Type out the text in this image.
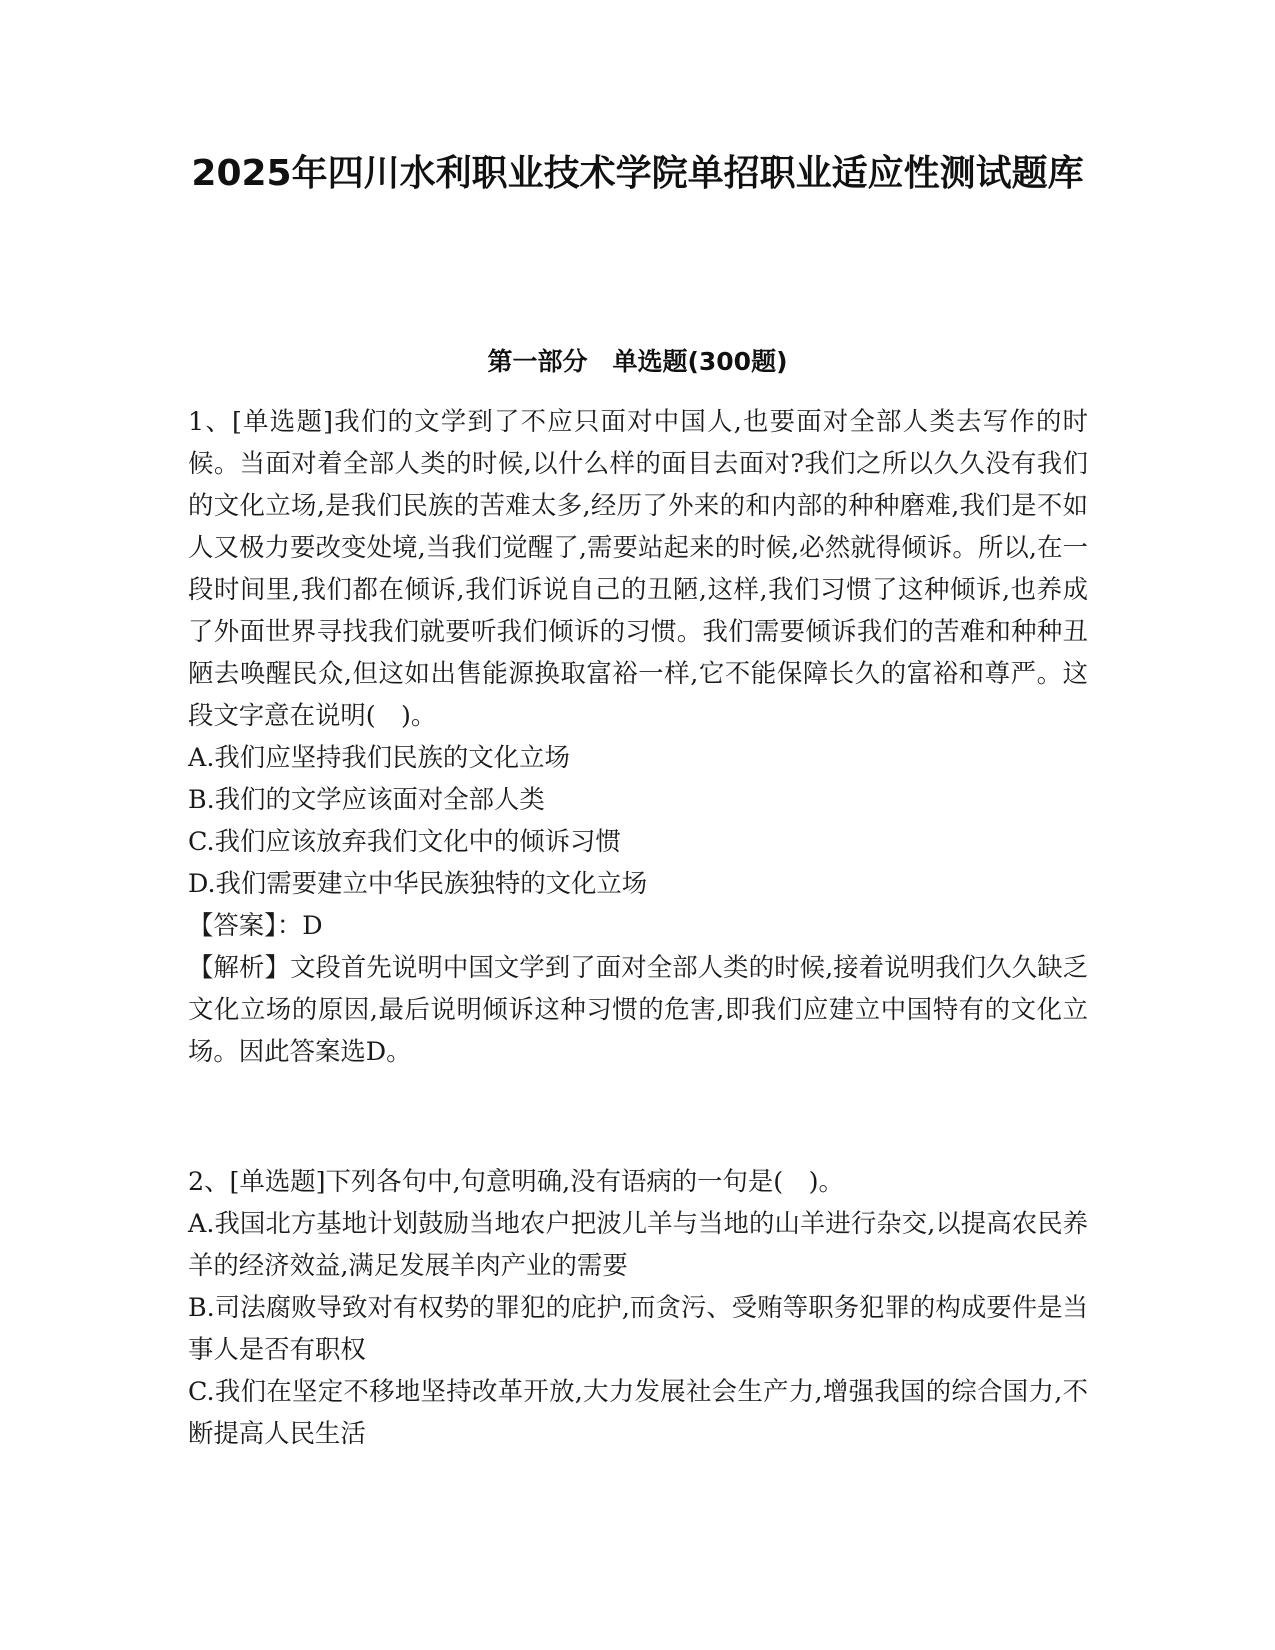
2025年四川水利职业技术学院单招职业适应性测试题库
第一部分　单选题(300题)

1、[单选题]我们的文学到了不应只面对中国人,也要面对全部人类去写作的时候。当面对着全部人类的时候,以什么样的面目去面对?我们之所以久久没有我们的文化立场,是我们民族的苦难太多,经历了外来的和内部的种种磨难,我们是不如人又极力要改变处境,当我们觉醒了,需要站起来的时候,必然就得倾诉。所以,在一段时间里,我们都在倾诉,我们诉说自己的丑陋,这样,我们习惯了这种倾诉,也养成了外面世界寻找我们就要听我们倾诉的习惯。我们需要倾诉我们的苦难和种种丑陋去唤醒民众,但这如出售能源换取富裕一样,它不能保障长久的富裕和尊严。这段文字意在说明(　)。

A.我们应坚持我们民族的文化立场

B.我们的文学应该面对全部人类

C.我们应该放弃我们文化中的倾诉习惯

D.我们需要建立中华民族独特的文化立场

【答案】：D

【解析】文段首先说明中国文学到了面对全部人类的时候,接着说明我们久久缺乏文化立场的原因,最后说明倾诉这种习惯的危害,即我们应建立中国特有的文化立场。因此答案选D。

2、[单选题]下列各句中,句意明确,没有语病的一句是(　)。

A.我国北方基地计划鼓励当地农户把波儿羊与当地的山羊进行杂交,以提高农民养羊的经济效益,满足发展羊肉产业的需要

B.司法腐败导致对有权势的罪犯的庇护,而贪污、受贿等职务犯罪的构成要件是当事人是否有职权

C.我们在坚定不移地坚持改革开放,大力发展社会生产力,增强我国的综合国力,不断提高人民生活
